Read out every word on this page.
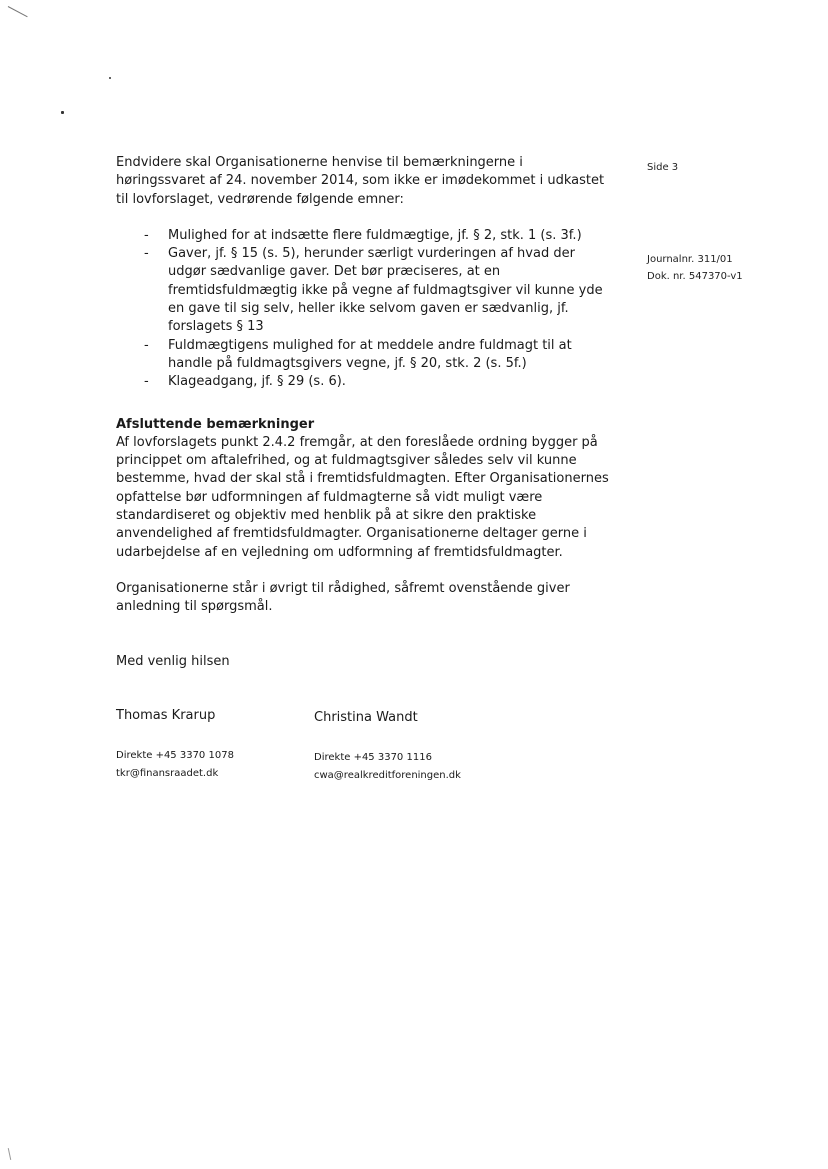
Side 3

Journalnr. 311/01

Dok. nr. 547370-v1

Endvidere skal Organisationerne henvise til bemærkningerne i høringssvaret af 24. november 2014, som ikke er imødekommet i udkastet til lovforslaget, vedrørende følgende emner:

- Mulighed for at indsætte flere fuldmægtige, jf. § 2, stk. 1 (s. 3f.)
- Gaver, jf. § 15 (s. 5), herunder særligt vurderingen af hvad der udgør sædvanlige gaver. Det bør præciseres, at en fremtidsfuldmægtig ikke på vegne af fuldmagtsgiver vil kunne yde en gave til sig selv, heller ikke selvom gaven er sædvanlig, jf. forslagets § 13
- Fuldmægtigens mulighed for at meddele andre fuldmagt til at handle på fuldmagtsgivers vegne, jf. § 20, stk. 2 (s. 5f.)
- Klageadgang, jf. § 29 (s. 6).

Afsluttende bemærkninger

Af lovforslagets punkt 2.4.2 fremgår, at den foreslåede ordning bygger på princippet om aftalefrihed, og at fuldmagtsgiver således selv vil kunne bestemme, hvad der skal stå i fremtidsfuldmagten. Efter Organisationernes opfattelse bør udformningen af fuldmagterne så vidt muligt være standardiseret og objektiv med henblik på at sikre den praktiske anvendelighed af fremtidsfuldmagter. Organisationerne deltager gerne i udarbejdelse af en vejledning om udformning af fremtidsfuldmagter.

Organisationerne står i øvrigt til rådighed, såfremt ovenstående giver anledning til spørgsmål.

Med venlig hilsen

Thomas Krarup

Direkte +45 3370 1078

tkr@finansraadet.dk

Christina Wandt

Direkte +45 3370 1116

cwa@realkreditforeningen.dk
